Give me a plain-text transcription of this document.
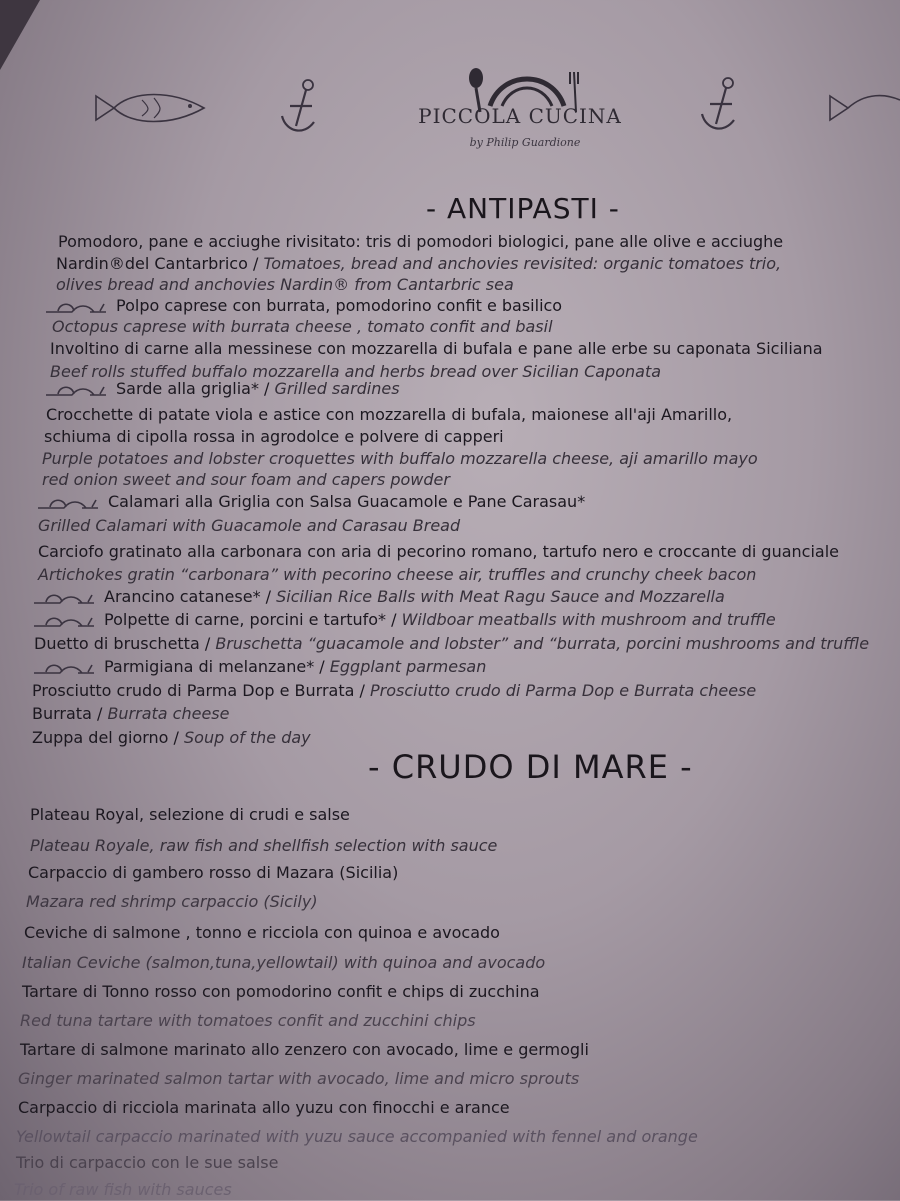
PICCOLA CUCINA
by Philip Guardione
- ANTIPASTI -
Pomodoro, pane e acciughe rivisitato: tris di pomodori biologici, pane alle olive e acciughe
Nardin®del Cantarbrico / Tomatoes, bread and anchovies revisited: organic tomatoes trio,
olives bread and anchovies Nardin® from Cantarbric sea
Polpo caprese con burrata, pomodorino confit e basilico
Octopus caprese with burrata cheese , tomato confit and basil
Involtino di carne alla messinese con mozzarella di bufala e pane alle erbe su caponata Siciliana
Beef rolls stuffed buffalo mozzarella and herbs bread over Sicilian Caponata
Sarde alla griglia* / Grilled sardines
Crocchette di patate viola e astice con mozzarella di bufala, maionese all'aji Amarillo,
schiuma di cipolla rossa in agrodolce e polvere di capperi
Purple potatoes and lobster croquettes with buffalo mozzarella cheese, aji amarillo mayo
red onion sweet and sour foam and capers powder
Calamari alla Griglia con Salsa Guacamole e Pane Carasau*
Grilled Calamari with Guacamole and Carasau Bread
Carciofo gratinato alla carbonara con aria di pecorino romano, tartufo nero e croccante di guanciale
Artichokes gratin “carbonara” with pecorino cheese air, truffles and crunchy cheek bacon
Arancino catanese* / Sicilian Rice Balls with Meat Ragu Sauce and Mozzarella
Polpette di carne, porcini e tartufo* / Wildboar meatballs with mushroom and truffle
Duetto di bruschetta / Bruschetta “guacamole and lobster” and “burrata, porcini mushrooms and truffle
Parmigiana di melanzane* / Eggplant parmesan
Prosciutto crudo di Parma Dop e Burrata / Prosciutto crudo di Parma Dop e Burrata cheese
Burrata / Burrata cheese
Zuppa del giorno / Soup of the day
- CRUDO DI MARE -
Plateau Royal, selezione di crudi e salse
Plateau Royale, raw fish and shellfish selection with sauce
Carpaccio di gambero rosso di Mazara (Sicilia)
Mazara red shrimp carpaccio (Sicily)
Ceviche di salmone , tonno e ricciola con quinoa e avocado
Italian Ceviche (salmon,tuna,yellowtail) with quinoa and avocado
Tartare di Tonno rosso con pomodorino confit e chips di zucchina
Red tuna tartare with tomatoes confit and zucchini chips
Tartare di salmone marinato allo zenzero con avocado, lime e germogli
Ginger marinated salmon tartar with avocado, lime and micro sprouts
Carpaccio di ricciola marinata allo yuzu con finocchi e arance
Yellowtail carpaccio marinated with yuzu sauce accompanied with fennel and orange
Trio di carpaccio con le sue salse
Trio of raw fish with sauces
